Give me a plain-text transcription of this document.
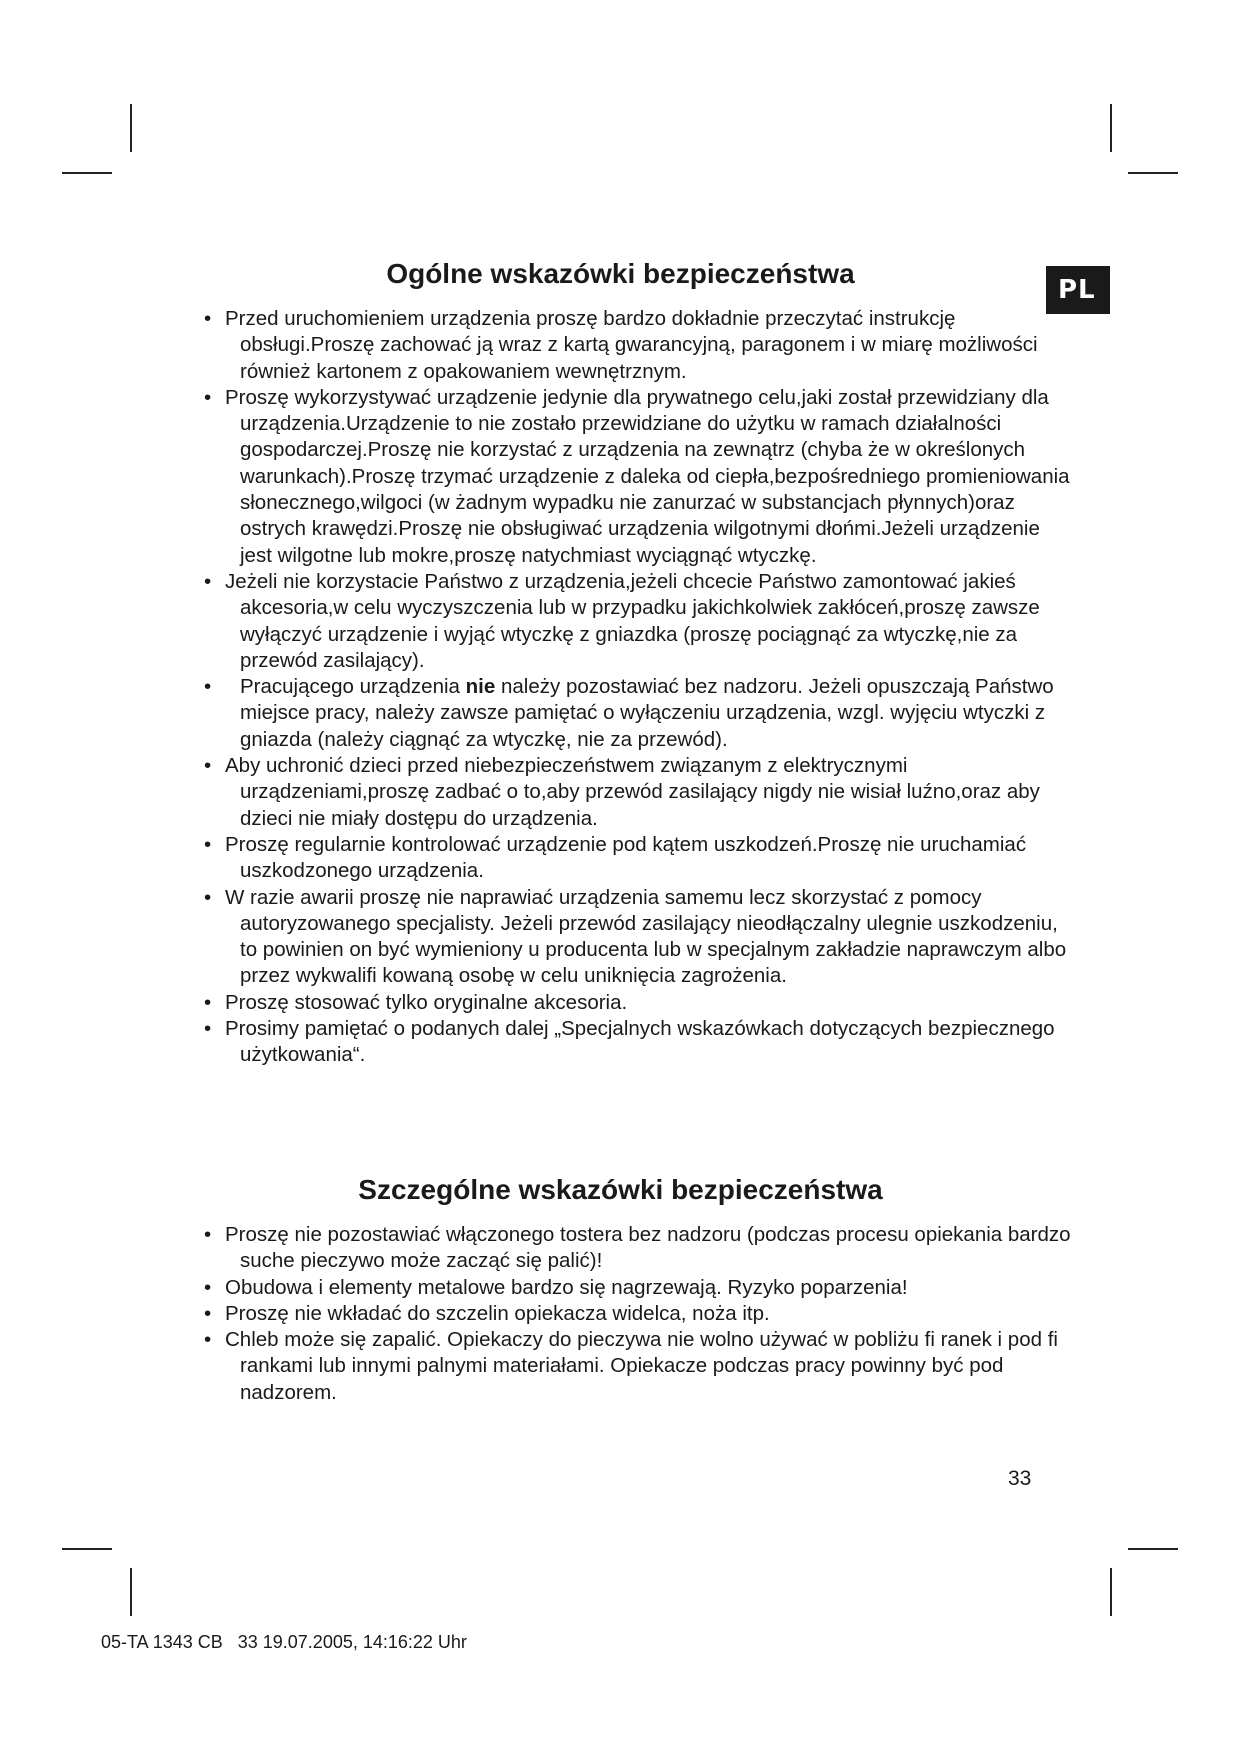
PL
Ogólne wskazówki bezpieczeństwa
• Przed uruchomieniem urządzenia proszę bardzo dokładnie przeczytać instrukcję obsługi.Proszę zachować ją wraz z kartą gwarancyjną, paragonem i w miarę możliwości również kartonem z opakowaniem wewnętrznym.
• Proszę wykorzystywać urządzenie jedynie dla prywatnego celu,jaki został przewidziany dla urządzenia.Urządzenie to nie zostało przewidziane do użytku w ramach działalności gospodarczej.Proszę nie korzystać z urządzenia na zewnątrz (chyba że w określonych warunkach).Proszę trzymać urządzenie z daleka od ciepła,bezpośredniego promieniowania słonecznego,wilgoci (w żadnym wypadku nie zanurzać w substancjach płynnych)oraz ostrych krawędzi.Proszę nie obsługiwać urządzenia wilgotnymi dłońmi.Jeżeli urządzenie jest wilgotne lub mokre,proszę natychmiast wyciągnąć wtyczkę.
• Jeżeli nie korzystacie Państwo z urządzenia,jeżeli chcecie Państwo zamontować jakieś akcesoria,w celu wyczyszczenia lub w przypadku jakichkolwiek zakłóceń,proszę zawsze wyłączyć urządzenie i wyjąć wtyczkę z gniazdka (proszę pociągnąć za wtyczkę,nie za przewód zasilający).
• Pracującego urządzenia nie należy pozostawiać bez nadzoru. Jeżeli opuszczają Państwo miejsce pracy, należy zawsze pamiętać o wyłączeniu urządzenia, wzgl. wyjęciu wtyczki z gniazda (należy ciągnąć za wtyczkę, nie za przewód).
• Aby uchronić dzieci przed niebezpieczeństwem związanym z elektrycznymi urządzeniami,proszę zadbać o to,aby przewód zasilający nigdy nie wisiał luźno,oraz aby dzieci nie miały dostępu do urządzenia.
• Proszę regularnie kontrolować urządzenie pod kątem uszkodzeń.Proszę nie uruchamiać uszkodzonego urządzenia.
• W razie awarii proszę nie naprawiać urządzenia samemu lecz skorzystać z pomocy autoryzowanego specjalisty. Jeżeli przewód zasilający nieodłączalny ulegnie uszkodzeniu, to powinien on być wymieniony u producenta lub w specjalnym zakładzie naprawczym albo przez wykwalifi kowaną osobę w celu uniknięcia zagrożenia.
• Proszę stosować tylko oryginalne akcesoria.
• Prosimy pamiętać o podanych dalej „Specjalnych wskazówkach dotyczących bezpiecznego użytkowania“.
Szczególne wskazówki bezpieczeństwa
• Proszę nie pozostawiać włączonego tostera bez nadzoru (podczas procesu opiekania bardzo suche pieczywo może zacząć się palić)!
• Obudowa i elementy metalowe bardzo się nagrzewają. Ryzyko poparzenia!
• Proszę nie wkładać do szczelin opiekacza widelca, noża itp.
• Chleb może się zapalić. Opiekaczy do pieczywa nie wolno używać w pobliżu fi ranek i pod fi rankami lub innymi palnymi materiałami. Opiekacze podczas pracy powinny być pod nadzorem.
33
05-TA 1343 CB   33 19.07.2005, 14:16:22 Uhr
